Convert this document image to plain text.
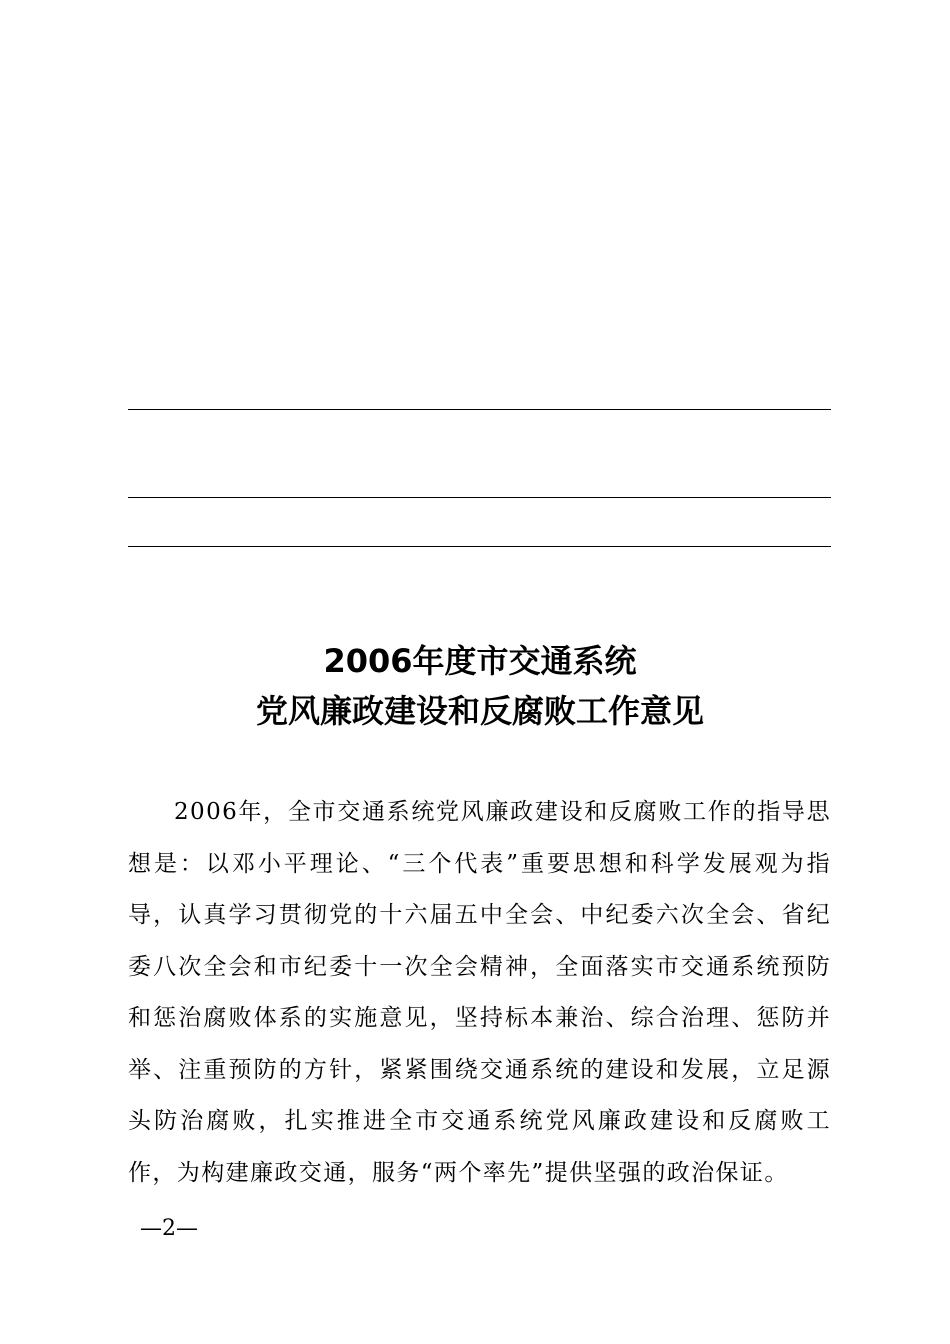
2006年度市交通系统
党风廉政建设和反腐败工作意见

2006年，全市交通系统党风廉政建设和反腐败工作的指导思想是：以邓小平理论、“三个代表”重要思想和科学发展观为指导，认真学习贯彻党的十六届五中全会、中纪委六次全会、省纪委八次全会和市纪委十一次全会精神，全面落实市交通系统预防和惩治腐败体系的实施意见，坚持标本兼治、综合治理、惩防并举、注重预防的方针，紧紧围绕交通系统的建设和发展，立足源头防治腐败，扎实推进全市交通系统党风廉政建设和反腐败工作，为构建廉政交通，服务“两个率先”提供坚强的政治保证。

—2—
